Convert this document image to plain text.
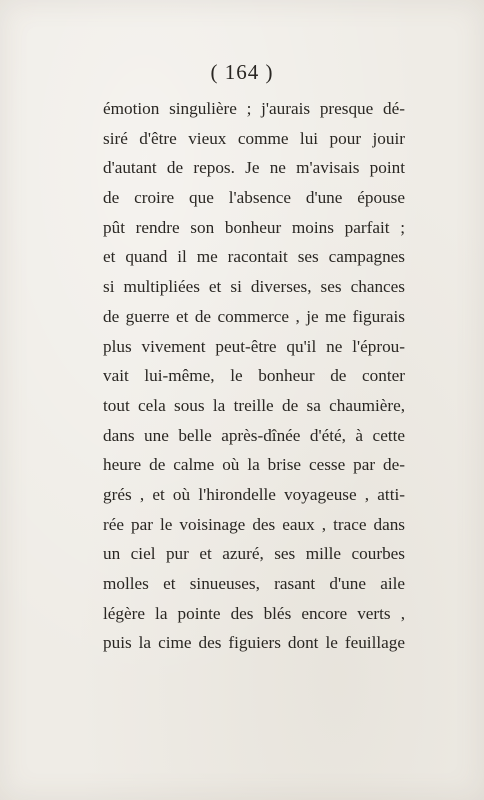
( 164 )
émotion singulière ; j'aurais presque dé-
siré d'être vieux comme lui pour jouir
d'autant de repos. Je ne m'avisais point
de croire que l'absence d'une épouse
pût rendre son bonheur moins parfait ;
et quand il me racontait ses campagnes
si multipliées et si diverses, ses chances
de guerre et de commerce , je me figurais
plus vivement peut-être qu'il ne l'éprou-
vait lui-même, le bonheur de conter
tout cela sous la treille de sa chaumière,
dans une belle après-dînée d'été, à cette
heure de calme où la brise cesse par de-
grés , et où l'hirondelle voyageuse , atti-
rée par le voisinage des eaux , trace dans
un ciel pur et azuré, ses mille courbes
molles et sinueuses, rasant d'une aile
légère la pointe des blés encore verts ,
puis la cime des figuiers dont le feuillage
